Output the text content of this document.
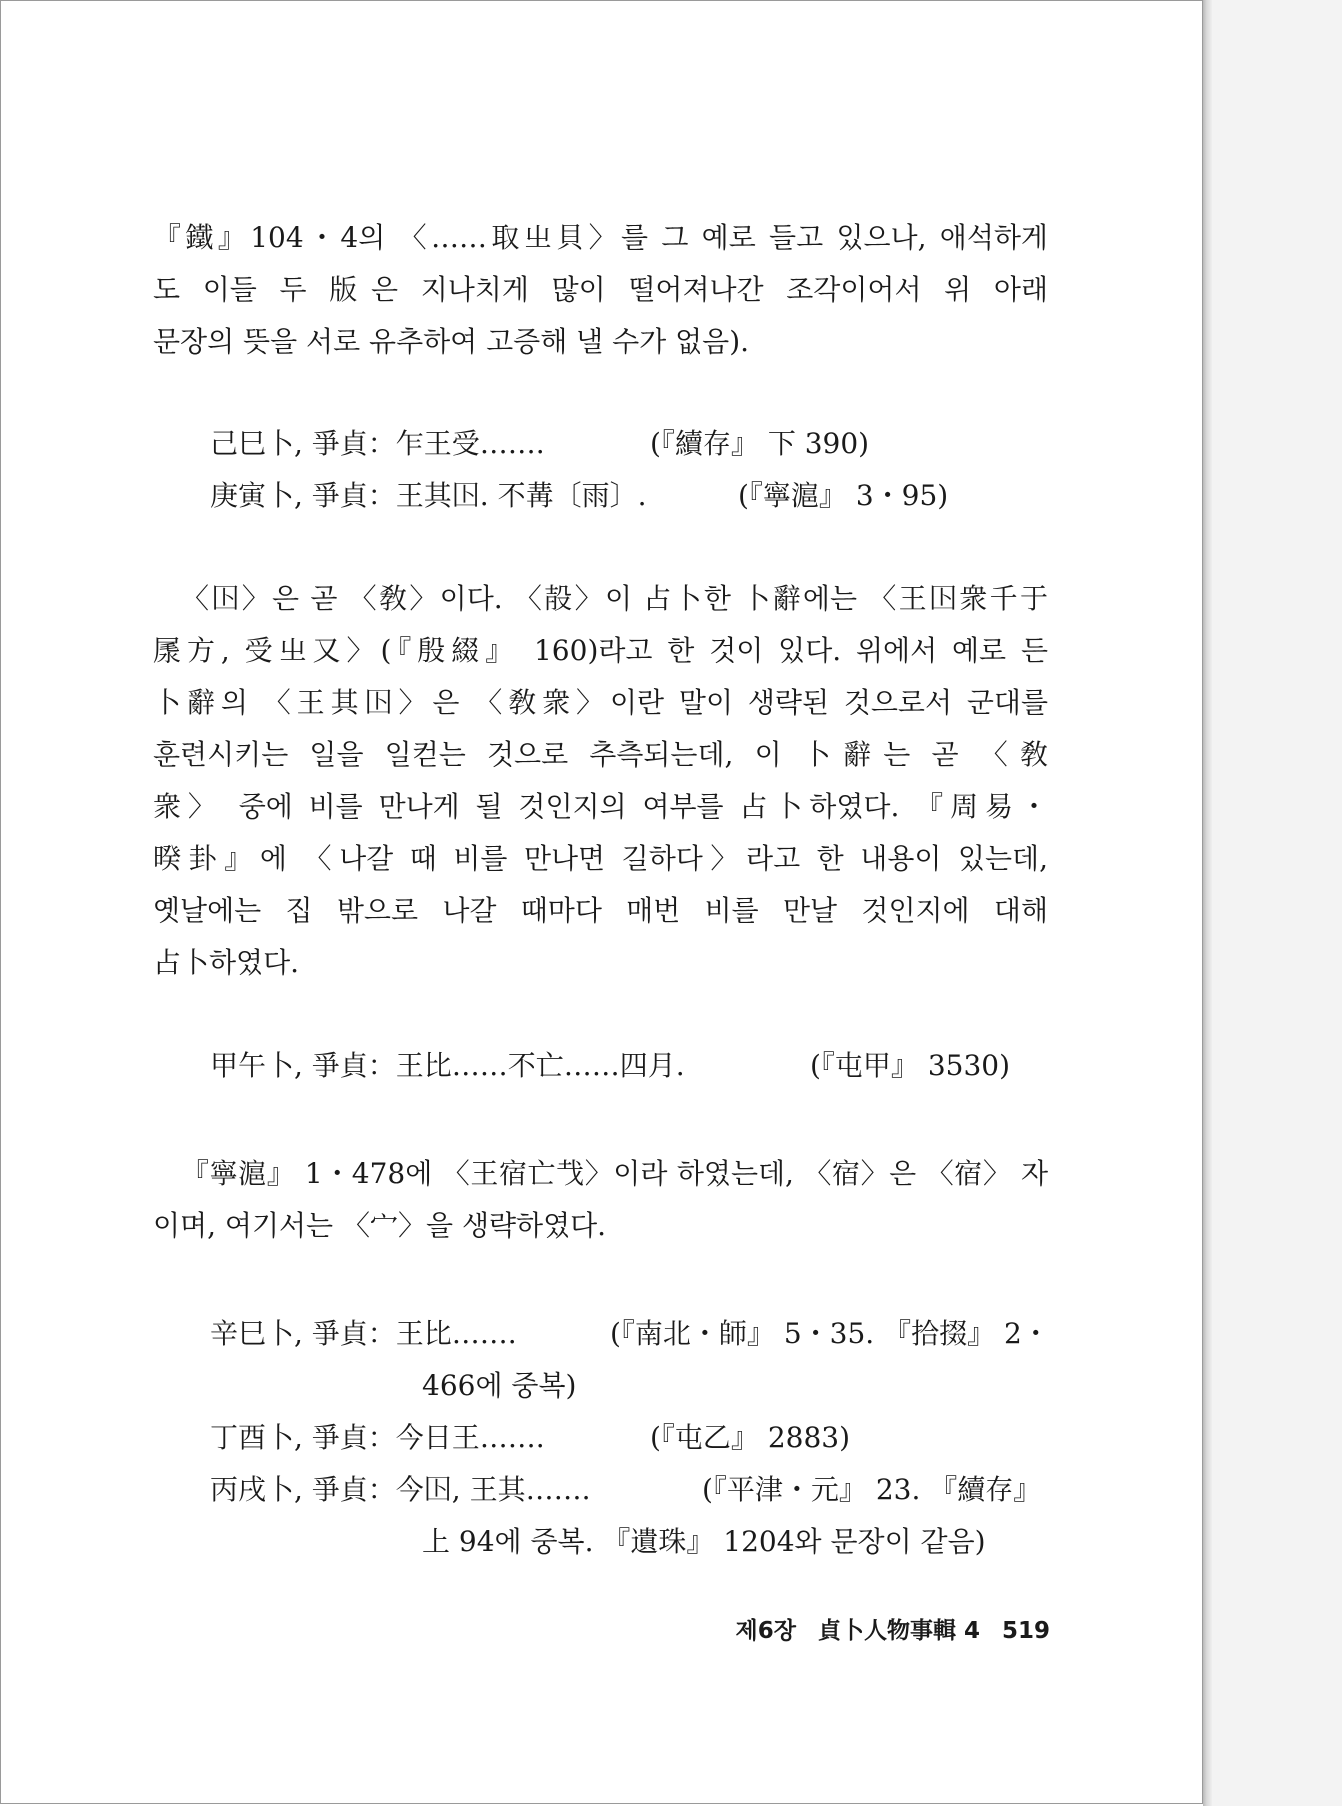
『鐵』104・4의 〈……取㞢貝〉를 그 예로 들고 있으나, 애석하게
도 이들 두 版은 지나치게 많이 떨어져나간 조각이어서 위 아래
문장의 뜻을 서로 유추하여 고증해 낼 수가 없음).
己巳卜, 爭貞：乍王受…….	(『續存』 下 390)
庚寅卜, 爭貞：王其𡆥. 不冓〔雨〕.	(『寧滬』 3・95)
〈𡆥〉은 곧 〈敎〉이다. 〈㱿〉이 占卜한 卜辭에는 〈王𡆥衆千于
㞙方, 受㞢又〉(『殷綴』 160)라고 한 것이 있다. 위에서 예로 든
卜辭의 〈王其𡆥〉은 〈敎衆〉이란 말이 생략된 것으로서 군대를
훈련시키는 일을 일컫는 것으로 추측되는데, 이 卜辭는 곧 〈敎
衆〉 중에 비를 만나게 될 것인지의 여부를 占卜하였다. 『周易・
暌卦』에 〈나갈 때 비를 만나면 길하다〉라고 한 내용이 있는데,
옛날에는 집 밖으로 나갈 때마다 매번 비를 만날 것인지에 대해
占卜하였다.
甲午卜, 爭貞：王比……不亡……四月.	(『屯甲』 3530)
『寧滬』 1・478에 〈王宿亡𢦏〉이라 하였는데, 〈宿〉은 〈宿〉 자
이며, 여기서는 〈宀〉을 생략하였다.
辛巳卜, 爭貞：王比…….	(『南北・師』 5・35. 『拾掇』 2・
466에 중복)
丁酉卜, 爭貞：今日王…….	(『屯乙』 2883)
丙戌卜, 爭貞：今𡆥, 王其…….	(『平津・元』 23. 『續存』
上 94에 중복. 『遺珠』 1204와 문장이 같음)
제6장 貞卜人物事輯 4 519
